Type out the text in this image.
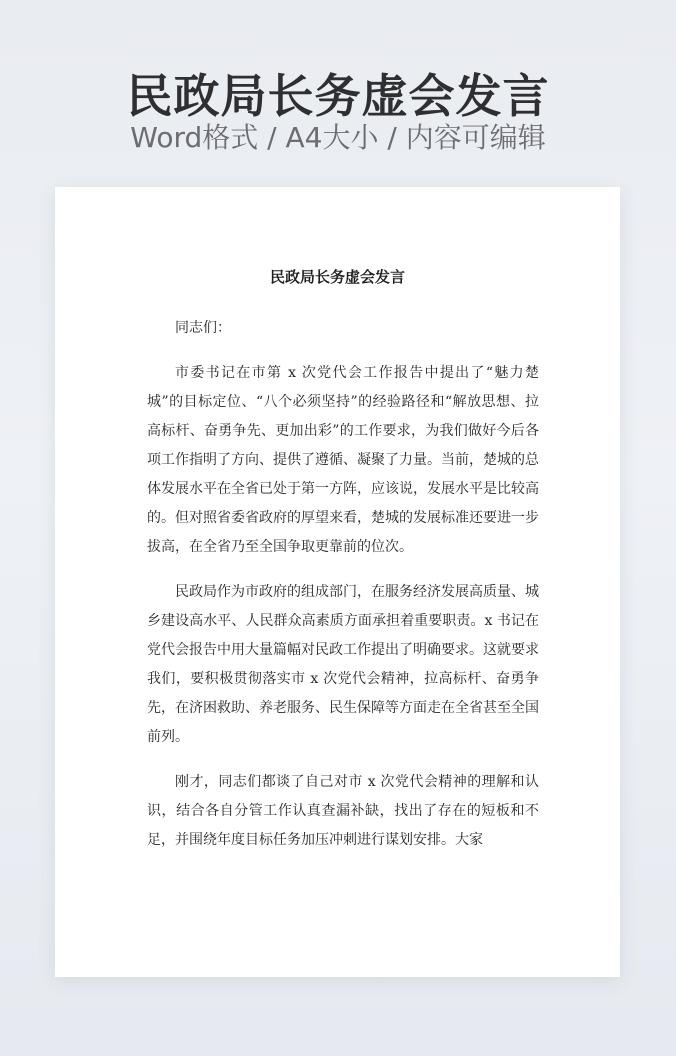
民政局长务虚会发言
Word格式 / A4大小 / 内容可编辑
民政局长务虚会发言

同志们：

市委书记在市第 x 次党代会工作报告中提出了“魅力楚城”的目标定位、“八个必须坚持”的经验路径和“解放思想、拉高标杆、奋勇争先、更加出彩”的工作要求，为我们做好今后各项工作指明了方向、提供了遵循、凝聚了力量。当前，楚城的总体发展水平在全省已处于第一方阵，应该说，发展水平是比较高的。但对照省委省政府的厚望来看，楚城的发展标准还要进一步拔高，在全省乃至全国争取更靠前的位次。

民政局作为市政府的组成部门，在服务经济发展高质量、城乡建设高水平、人民群众高素质方面承担着重要职责。x 书记在党代会报告中用大量篇幅对民政工作提出了明确要求。这就要求我们，要积极贯彻落实市 x 次党代会精神，拉高标杆、奋勇争先，在济困救助、养老服务、民生保障等方面走在全省甚至全国前列。

刚才，同志们都谈了自己对市 x 次党代会精神的理解和认识，结合各自分管工作认真查漏补缺，找出了存在的短板和不足，并围绕年度目标任务加压冲刺进行谋划安排。大家
